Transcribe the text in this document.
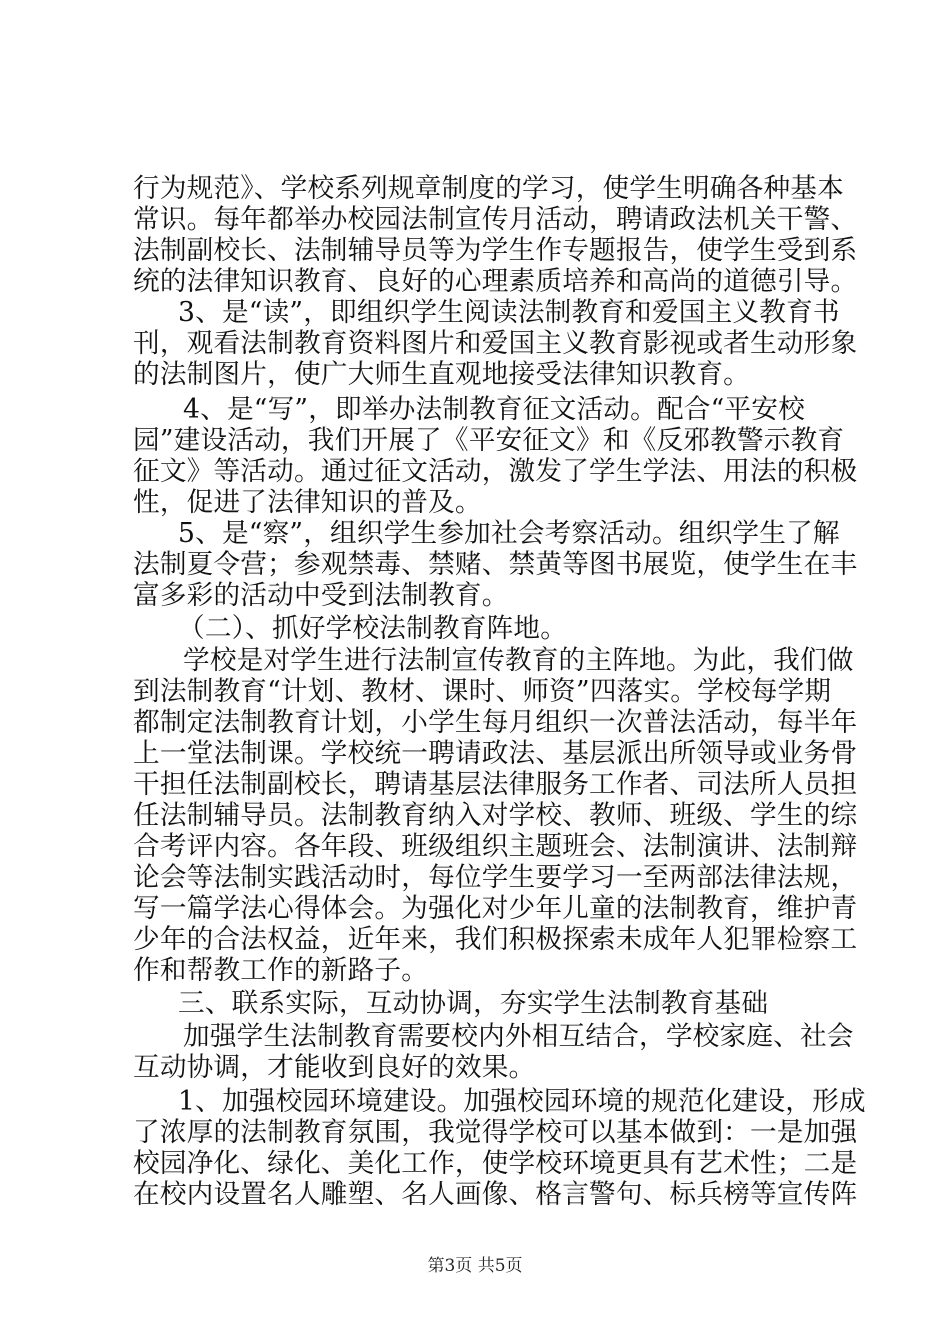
行为规范》、学校系列规章制度的学习，使学生明确各种基本
常识。每年都举办校园法制宣传月活动，聘请政法机关干警、
法制副校长、法制辅导员等为学生作专题报告，使学生受到系
统的法律知识教育、良好的心理素质培养和高尚的道德引导。
3、是“读”，即组织学生阅读法制教育和爱国主义教育书
刊，观看法制教育资料图片和爱国主义教育影视或者生动形象
的法制图片，使广大师生直观地接受法律知识教育。
4、是“写”，即举办法制教育征文活动。配合“平安校
园”建设活动，我们开展了《平安征文》和《反邪教警示教育
征文》等活动。通过征文活动，激发了学生学法、用法的积极
性，促进了法律知识的普及。
5、是“察”，组织学生参加社会考察活动。组织学生了解
法制夏令营；参观禁毒、禁赌、禁黄等图书展览，使学生在丰
富多彩的活动中受到法制教育。
（二）、抓好学校法制教育阵地。
学校是对学生进行法制宣传教育的主阵地。为此，我们做
到法制教育“计划、教材、课时、师资”四落实。学校每学期
都制定法制教育计划，小学生每月组织一次普法活动，每半年
上一堂法制课。学校统一聘请政法、基层派出所领导或业务骨
干担任法制副校长，聘请基层法律服务工作者、司法所人员担
任法制辅导员。法制教育纳入对学校、教师、班级、学生的综
合考评内容。各年段、班级组织主题班会、法制演讲、法制辩
论会等法制实践活动时，每位学生要学习一至两部法律法规，
写一篇学法心得体会。为强化对少年儿童的法制教育，维护青
少年的合法权益，近年来，我们积极探索未成年人犯罪检察工
作和帮教工作的新路子。
三、联系实际，互动协调，夯实学生法制教育基础
加强学生法制教育需要校内外相互结合，学校家庭、社会
互动协调，才能收到良好的效果。
1、加强校园环境建设。加强校园环境的规范化建设，形成
了浓厚的法制教育氛围，我觉得学校可以基本做到：一是加强
校园净化、绿化、美化工作，使学校环境更具有艺术性；二是
在校内设置名人雕塑、名人画像、格言警句、标兵榜等宣传阵
第3页 共5页
